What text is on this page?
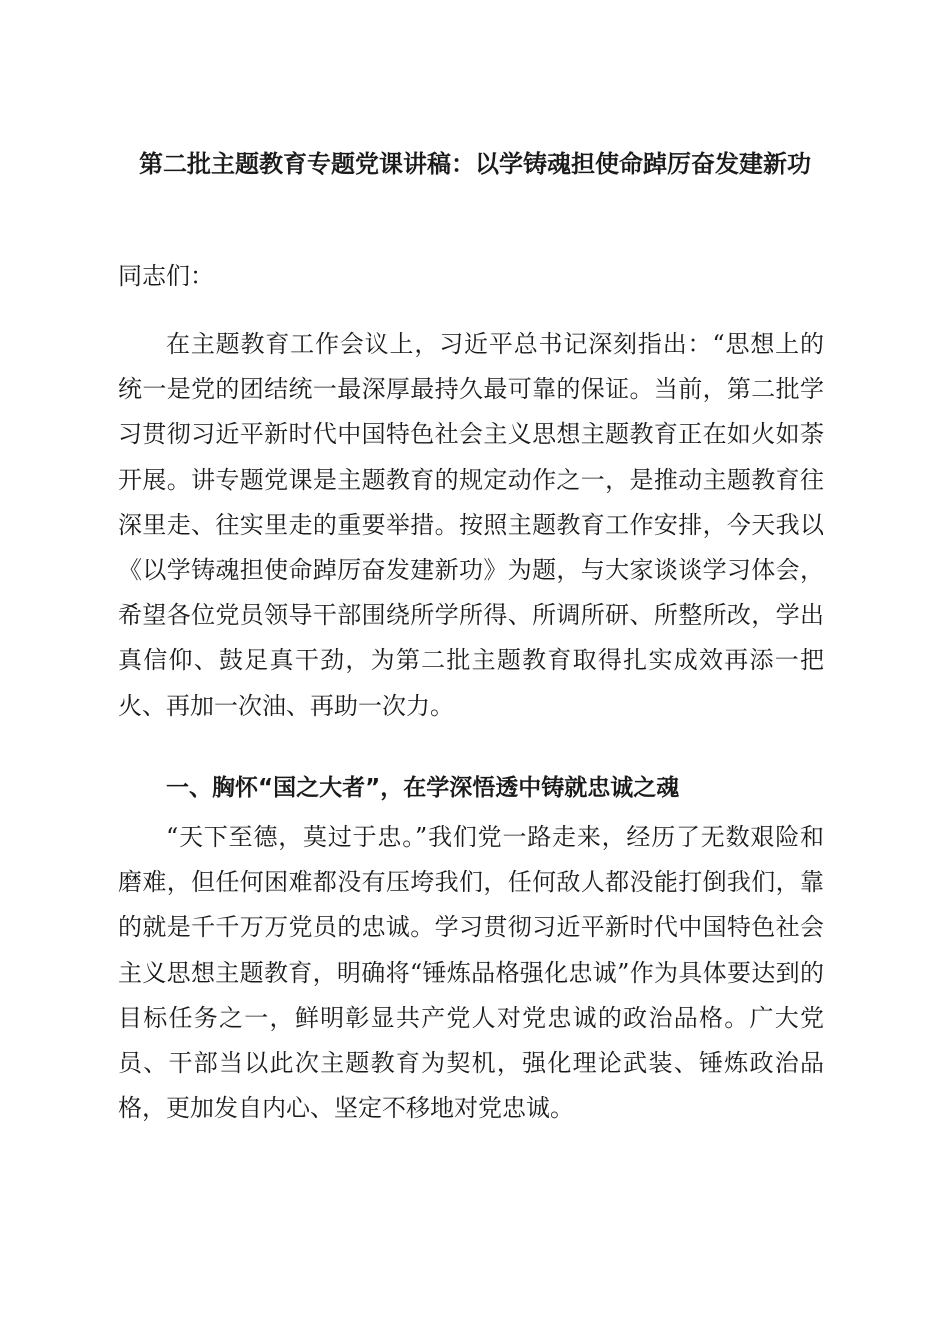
第二批主题教育专题党课讲稿：以学铸魂担使命踔厉奋发建新功

同志们：

在主题教育工作会议上，习近平总书记深刻指出：“思想上的统一是党的团结统一最深厚最持久最可靠的保证。当前，第二批学习贯彻习近平新时代中国特色社会主义思想主题教育正在如火如荼开展。讲专题党课是主题教育的规定动作之一，是推动主题教育往深里走、往实里走的重要举措。按照主题教育工作安排，今天我以《以学铸魂担使命踔厉奋发建新功》为题，与大家谈谈学习体会，希望各位党员领导干部围绕所学所得、所调所研、所整所改，学出真信仰、鼓足真干劲，为第二批主题教育取得扎实成效再添一把火、再加一次油、再助一次力。

一、胸怀“国之大者”，在学深悟透中铸就忠诚之魂

“天下至德，莫过于忠。”我们党一路走来，经历了无数艰险和磨难，但任何困难都没有压垮我们，任何敌人都没能打倒我们，靠的就是千千万万党员的忠诚。学习贯彻习近平新时代中国特色社会主义思想主题教育，明确将“锤炼品格强化忠诚”作为具体要达到的目标任务之一，鲜明彰显共产党人对党忠诚的政治品格。广大党员、干部当以此次主题教育为契机，强化理论武装、锤炼政治品格，更加发自内心、坚定不移地对党忠诚。
